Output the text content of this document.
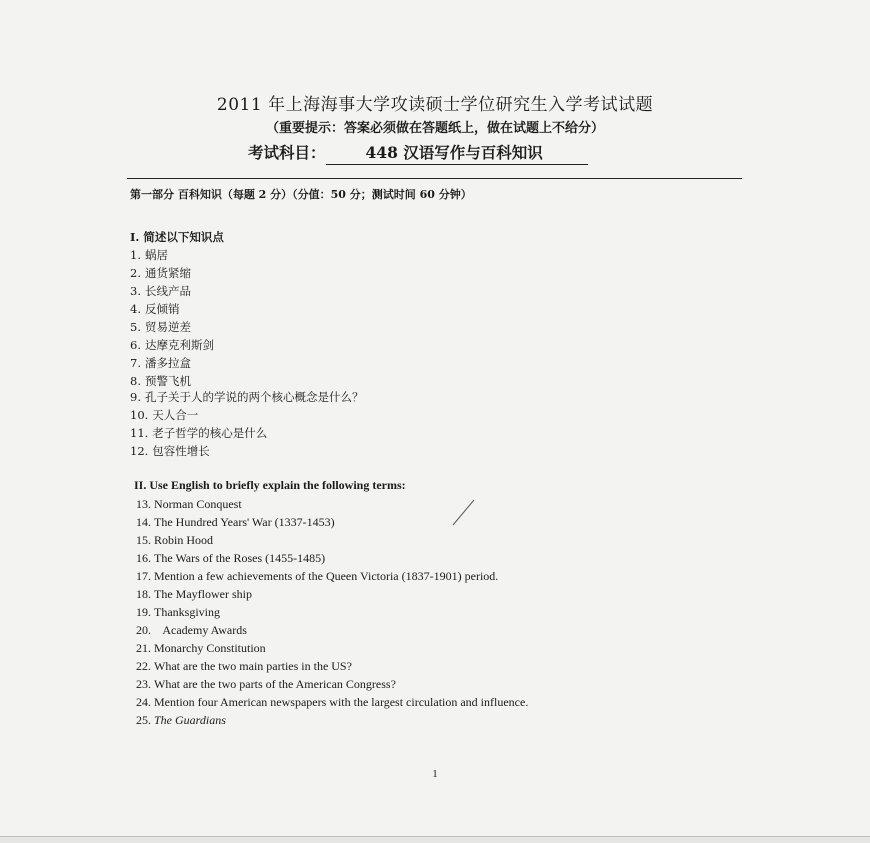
2011 年上海海事大学攻读硕士学位研究生入学考试试题
（重要提示：答案必须做在答题纸上，做在试题上不给分）
考试科目：	448 汉语写作与百科知识
第一部分 百科知识（每题 2 分）（分值：50 分；测试时间 60 分钟）
I. 简述以下知识点
1. 蜗居
2. 通货紧缩
3. 长线产品
4. 反倾销
5. 贸易逆差
6. 达摩克利斯剑
7. 潘多拉盒
8. 预警飞机
9. 孔子关于人的学说的两个核心概念是什么？
10. 天人合一
11. 老子哲学的核心是什么
12. 包容性增长
II. Use English to briefly explain the following terms:
13. Norman Conquest
14. The Hundred Years' War (1337-1453)
15. Robin Hood
16. The Wars of the Roses (1455-1485)
17. Mention a few achievements of the Queen Victoria (1837-1901) period.
18. The Mayflower ship
19. Thanksgiving
20.   Academy Awards
21. Monarchy Constitution
22. What are the two main parties in the US?
23. What are the two parts of the American Congress?
24. Mention four American newspapers with the largest circulation and influence.
25. The Guardians
1
